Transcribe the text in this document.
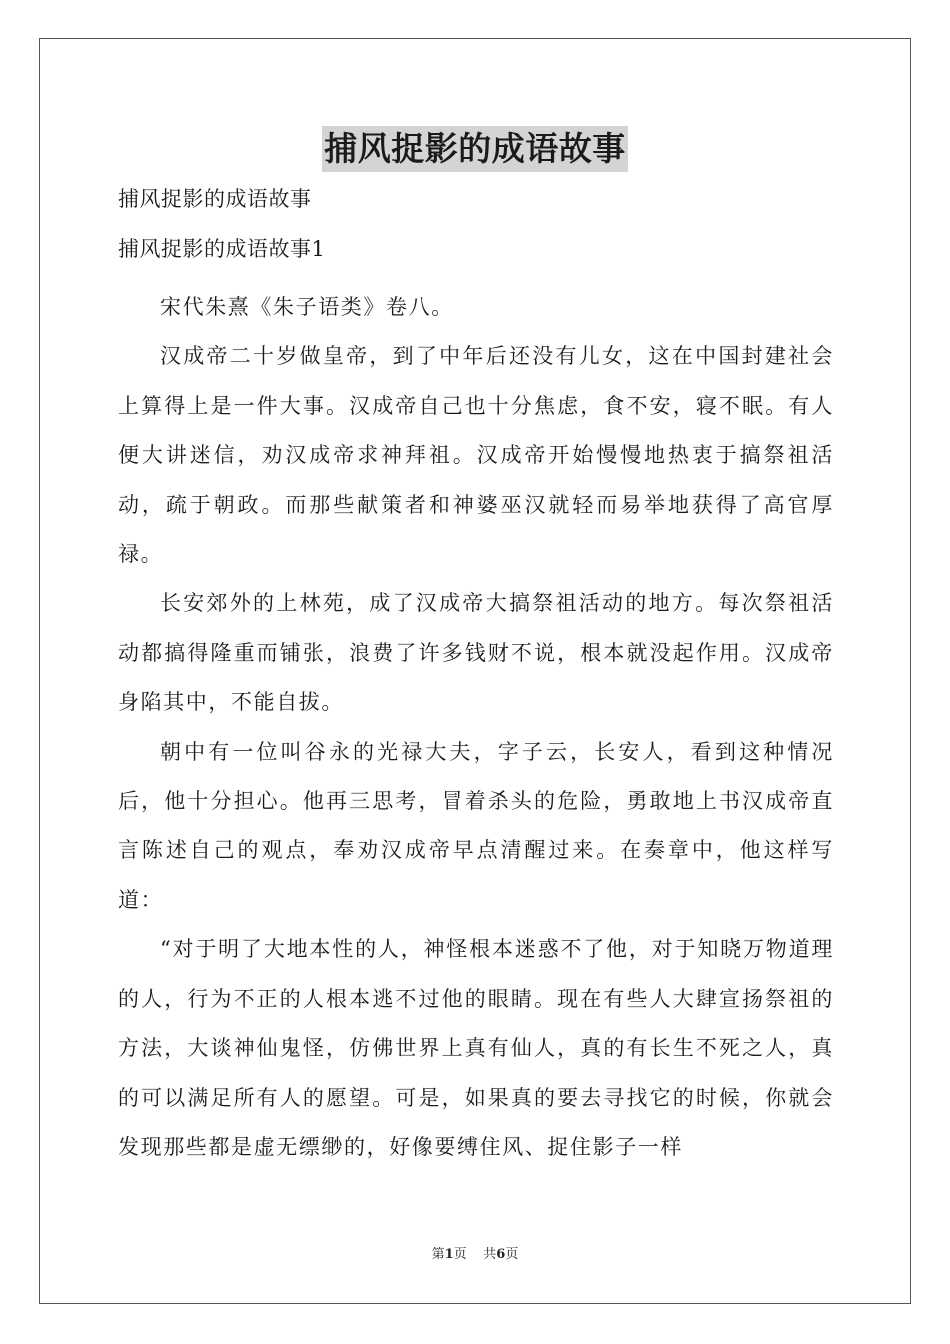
捕风捉影的成语故事
捕风捉影的成语故事
捕风捉影的成语故事1

宋代朱熹《朱子语类》卷八。

汉成帝二十岁做皇帝，到了中年后还没有儿女，这在中国封建社会上算得上是一件大事。汉成帝自己也十分焦虑，食不安，寝不眠。有人便大讲迷信，劝汉成帝求神拜祖。汉成帝开始慢慢地热衷于搞祭祖活动，疏于朝政。而那些献策者和神婆巫汉就轻而易举地获得了高官厚禄。

长安郊外的上林苑，成了汉成帝大搞祭祖活动的地方。每次祭祖活动都搞得隆重而铺张，浪费了许多钱财不说，根本就没起作用。汉成帝身陷其中，不能自拔。

朝中有一位叫谷永的光禄大夫，字子云，长安人，看到这种情况后，他十分担心。他再三思考，冒着杀头的危险，勇敢地上书汉成帝直言陈述自己的观点，奉劝汉成帝早点清醒过来。在奏章中，他这样写道：

“对于明了大地本性的人，神怪根本迷惑不了他，对于知晓万物道理的人，行为不正的人根本逃不过他的眼睛。现在有些人大肆宣扬祭祖的方法，大谈神仙鬼怪，仿佛世界上真有仙人，真的有长生不死之人，真的可以满足所有人的愿望。可是，如果真的要去寻找它的时候，你就会发现那些都是虚无缥缈的，好像要缚住风、捉住影子一样

第1页 共6页
